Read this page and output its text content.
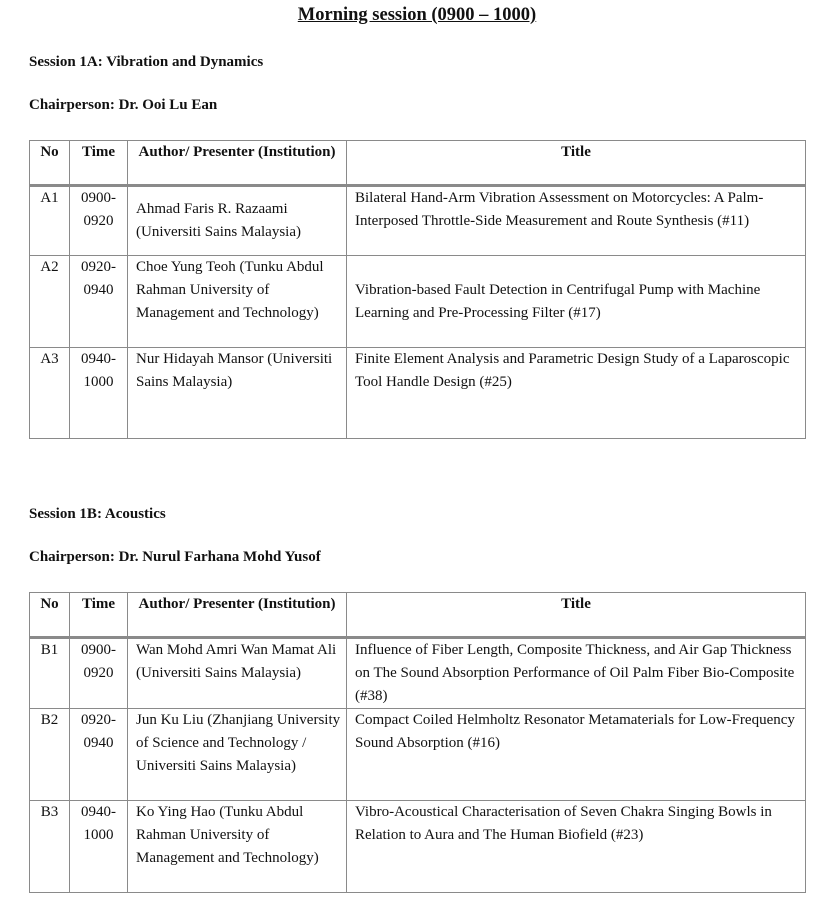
Morning session (0900 – 1000)
Session 1A: Vibration and Dynamics
Chairperson: Dr. Ooi Lu Ean
No	Time	Author/ Presenter (Institution)	Title
A1	0900-0920	Ahmad Faris R. Razaami (Universiti Sains Malaysia)	Bilateral Hand-Arm Vibration Assessment on Motorcycles: A Palm-Interposed Throttle-Side Measurement and Route Synthesis (#11)
A2	0920-0940	Choe Yung Teoh (Tunku Abdul Rahman University of Management and Technology)	Vibration-based Fault Detection in Centrifugal Pump with Machine Learning and Pre-Processing Filter (#17)
A3	0940-1000	Nur Hidayah Mansor (Universiti Sains Malaysia)	Finite Element Analysis and Parametric Design Study of a Laparoscopic Tool Handle Design (#25)
Session 1B: Acoustics
Chairperson: Dr. Nurul Farhana Mohd Yusof
No	Time	Author/ Presenter (Institution)	Title
B1	0900-0920	Wan Mohd Amri Wan Mamat Ali (Universiti Sains Malaysia)	Influence of Fiber Length, Composite Thickness, and Air Gap Thickness on The Sound Absorption Performance of Oil Palm Fiber Bio-Composite (#38)
B2	0920-0940	Jun Ku Liu (Zhanjiang University of Science and Technology / Universiti Sains Malaysia)	Compact Coiled Helmholtz Resonator Metamaterials for Low-Frequency Sound Absorption (#16)
B3	0940-1000	Ko Ying Hao (Tunku Abdul Rahman University of Management and Technology)	Vibro-Acoustical Characterisation of Seven Chakra Singing Bowls in Relation to Aura and The Human Biofield (#23)
